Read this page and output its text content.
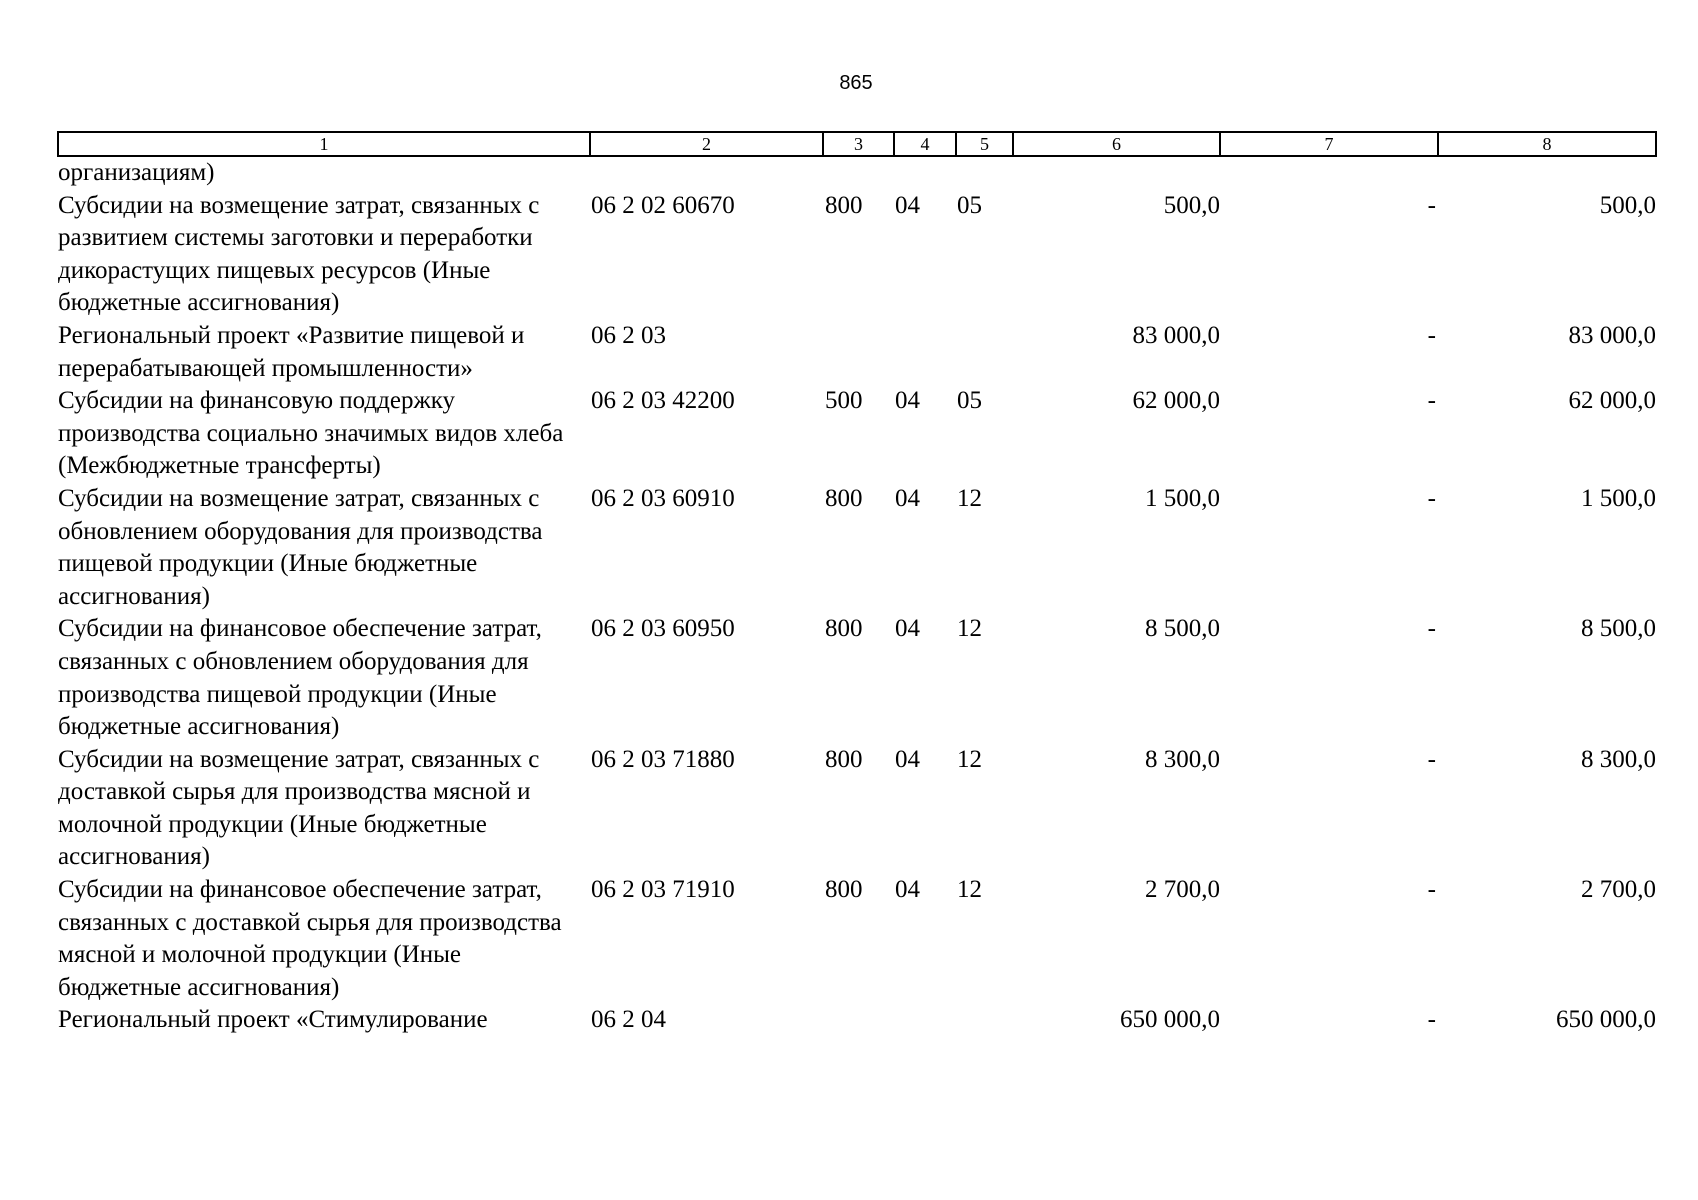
865
1	2	3	4	5	6	7	8
организациям)							
Субсидии на возмещение затрат, связанных с развитием системы заготовки и переработки дикорастущих пищевых ресурсов (Иные бюджетные ассигнования)	06 2 02 60670	800	04	05	500,0	-	500,0
Региональный проект «Развитие пищевой и перерабатывающей промышленности»	06 2 03				83 000,0	-	83 000,0
Субсидии на финансовую поддержку производства социально значимых видов хлеба (Межбюджетные трансферты)	06 2 03 42200	500	04	05	62 000,0	-	62 000,0
Субсидии на возмещение затрат, связанных с обновлением оборудования для производства пищевой продукции (Иные бюджетные ассигнования)	06 2 03 60910	800	04	12	1 500,0	-	1 500,0
Субсидии на финансовое обеспечение затрат, связанных с обновлением оборудования для производства пищевой продукции (Иные бюджетные ассигнования)	06 2 03 60950	800	04	12	8 500,0	-	8 500,0
Субсидии на возмещение затрат, связанных с доставкой сырья для производства мясной и молочной продукции (Иные бюджетные ассигнования)	06 2 03 71880	800	04	12	8 300,0	-	8 300,0
Субсидии на финансовое обеспечение затрат, связанных с доставкой сырья для производства мясной и молочной продукции (Иные бюджетные ассигнования)	06 2 03 71910	800	04	12	2 700,0	-	2 700,0
Региональный проект «Стимулирование	06 2 04				650 000,0	-	650 000,0
